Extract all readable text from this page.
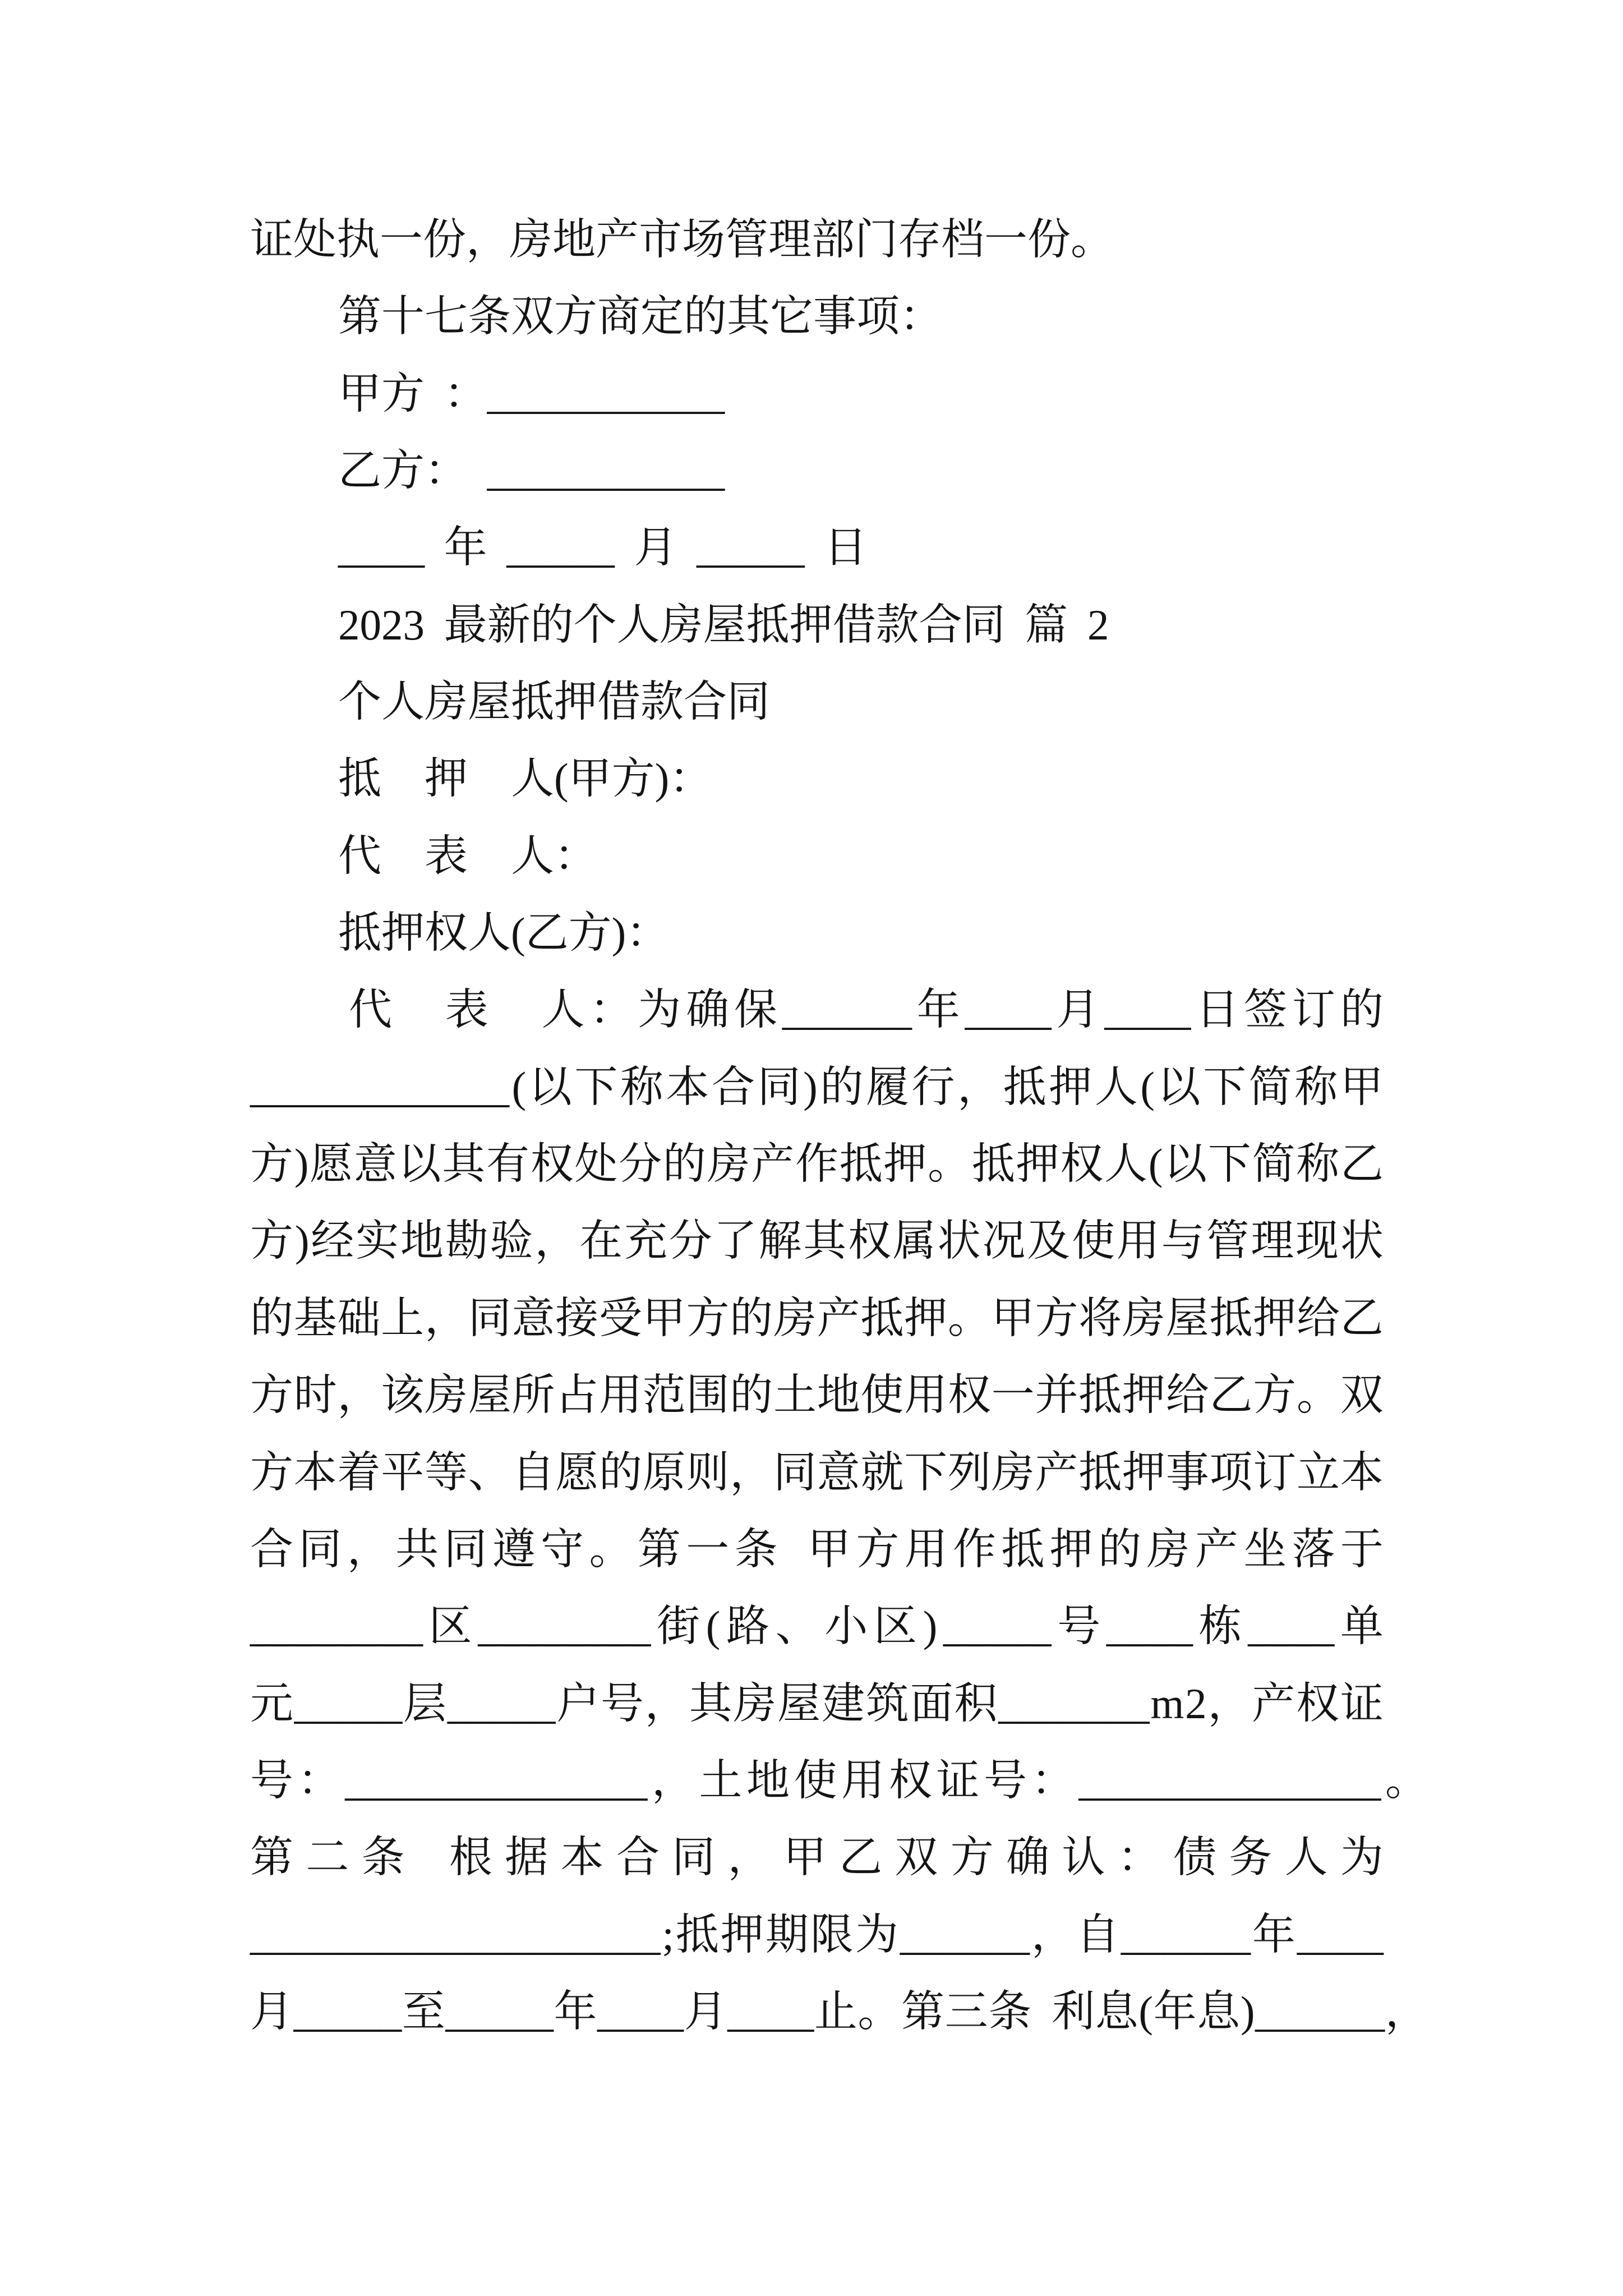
证处执一份，房地产市场管理部门存档一份。
第十七条双方商定的其它事项：
甲方 ：___________
乙方： ___________
____ 年 _____ 月 _____ 日
2023 最新的个人房屋抵押借款合同 篇 2
个人房屋抵押借款合同
抵 押 人(甲方)：
代 表 人：
抵押权人(乙方)：
代
表
人 ： 为 确 保 ______ 年 ____ 月 ____ 日 签 订 的
____________ ( 以 下 称 本 合 同 ) 的 履 行 ， 抵 押 人 ( 以 下 简 称 甲
方 ) 愿 意 以 其 有 权 处 分 的 房 产 作 抵 押 。 抵 押 权 人 ( 以 下 简 称 乙
方 ) 经 实 地 勘 验 ， 在 充 分 了 解 其 权 属 状 况 及 使 用 与 管 理 现 状
的 基 础 上 ， 同 意 接 受 甲 方 的 房 产 抵 押 。 甲 方 将 房 屋 抵 押 给 乙
方 时 ， 该 房 屋 所 占 用 范 围 的 土 地 使 用 权 一 并 抵 押 给 乙 方 。 双
方 本 着 平 等 、 自 愿 的 原 则 ， 同 意 就 下 列 房 产 抵 押 事 项 订 立 本
合 同 ， 共 同 遵 守 。 第 一 条
甲 方 用 作 抵 押 的 房 产 坐 落 于
________ 区 ________ 街 ( 路 、 小 区 ) _____ 号 ____ 栋 ____ 单
元 _____ 层 _____ 户 号 ， 其 房 屋 建 筑 面 积 _______ m 2 ， 产 权 证
号 ： ______________ ， 土 地 使 用 权 证 号 ： ______________ 。
第 二 条
根 据 本 合 同 ， 甲 乙 双 方 确 认 ： 债 务 人 为
___________________ ; 抵 押 期 限 为 ______ ， 自 ______ 年 ____
月 _____ 至 _____ 年 ____ 月 ____ 止 。 第 三 条
利 息 ( 年 息 ) ______ ，
